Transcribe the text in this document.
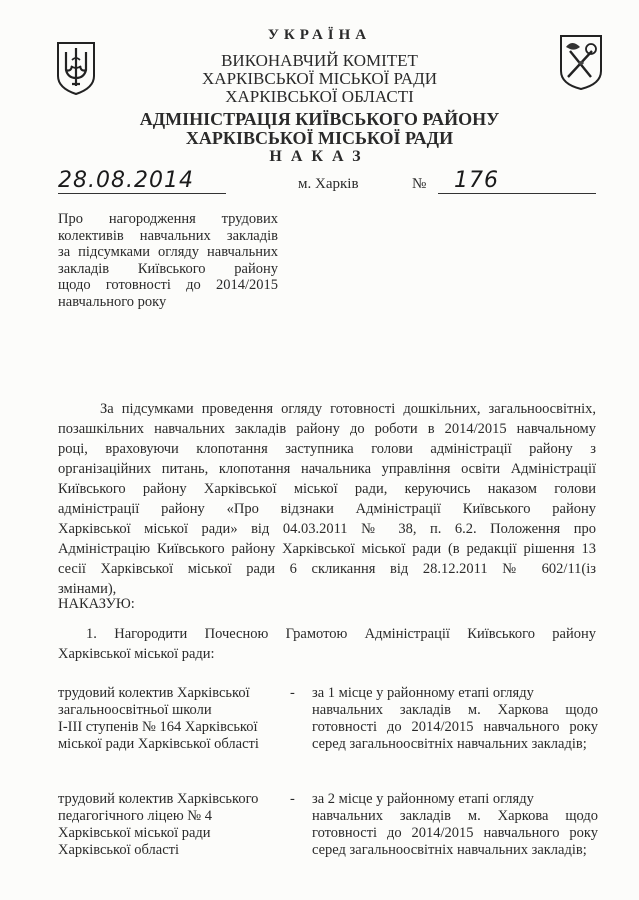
УКРАЇНА
ВИКОНАВЧИЙ КОМІТЕТ
ХАРКІВСЬКОЇ МІСЬКОЇ РАДИ
ХАРКІВСЬКОЇ ОБЛАСТІ
АДМІНІСТРАЦІЯ КИЇВСЬКОГО РАЙОНУ
ХАРКІВСЬКОЇ МІСЬКОЇ РАДИ
НАКАЗ
28.08.2014	м. Харків	№	176
Про нагородження трудових
колективів навчальних закладів
за підсумками огляду навчальних
закладів Київського району
щодо готовності до 2014/2015
навчального року
За підсумками проведення огляду готовності дошкільних, загальноосвітніх,
позашкільних навчальних закладів району до роботи в 2014/2015 навчальному
році, враховуючи клопотання заступника голови адміністрації району з
організаційних питань, клопотання начальника управління освіти Адміністрації
Київського району Харківської міської ради, керуючись наказом голови
адміністрації району «Про відзнаки Адміністрації Київського району
Харківської міської ради» від 04.03.2011 № 38, п. 6.2. Положення про
Адміністрацію Київського району Харківської міської ради (в редакції рішення 13
сесії Харківської міської ради 6 скликання від 28.12.2011 № 602/11(із
змінами),
НАКАЗУЮ:
1. Нагородити Почесною Грамотою Адміністрації Київського району
Харківської міської ради:
трудовий колектив Харківської
загальноосвітньої школи
І-ІІІ ступенів № 164 Харківської
міської ради Харківської області
- за 1 місце у районному етапі огляду
навчальних закладів м. Харкова щодо
готовності до 2014/2015 навчального року
серед загальноосвітніх навчальних закладів;
трудовий колектив Харківського
педагогічного ліцею № 4
Харківської міської ради
Харківської області
- за 2 місце у районному етапі огляду
навчальних закладів м. Харкова щодо
готовності до 2014/2015 навчального року
серед загальноосвітніх навчальних закладів;
